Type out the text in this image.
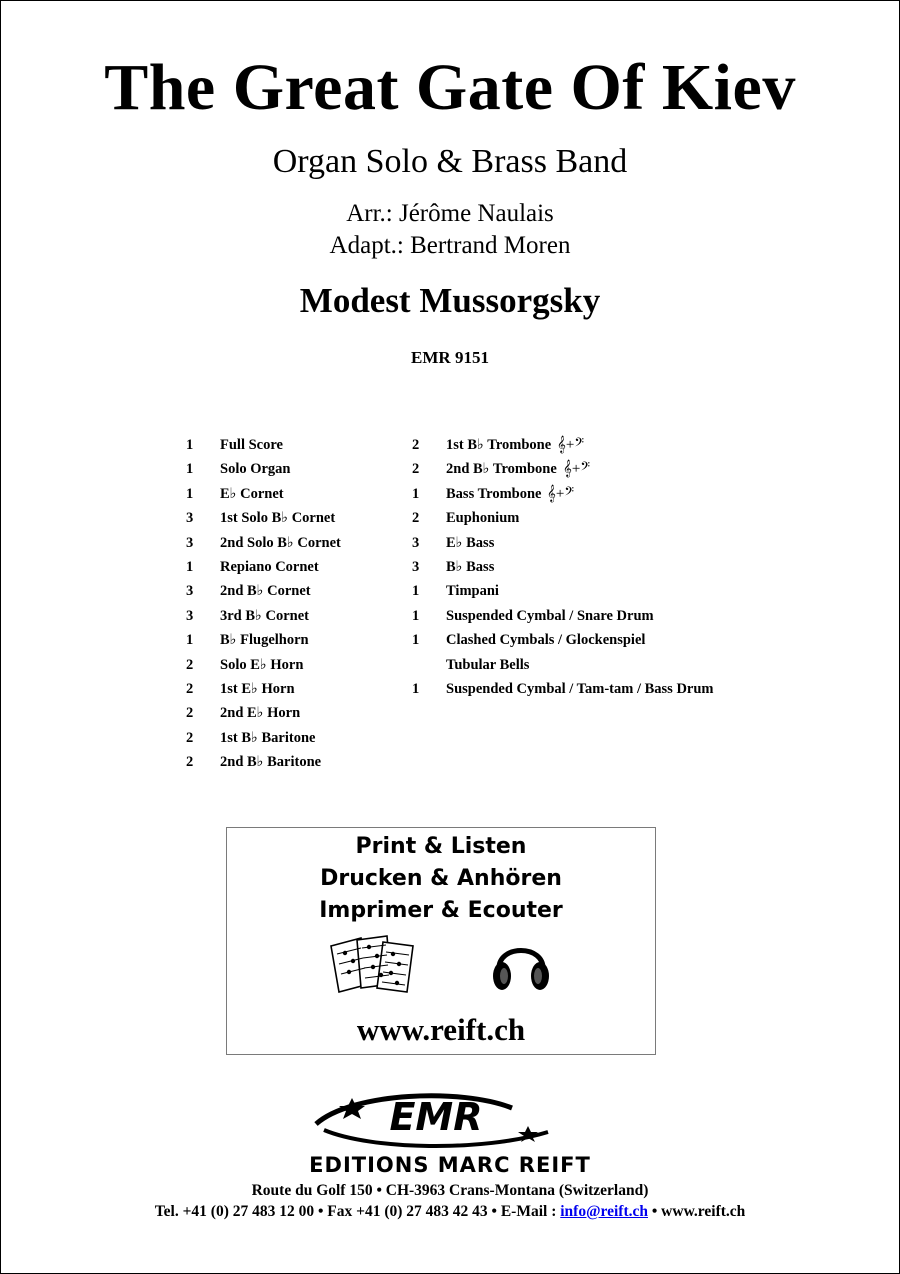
The Great Gate Of Kiev
Organ Solo & Brass Band
Arr.: Jérôme Naulais
Adapt.: Bertrand Moren
Modest Mussorgsky
EMR 9151
1	Full Score
1	Solo Organ
1	E♭ Cornet
3	1st Solo B♭ Cornet
3	2nd Solo B♭ Cornet
1	Repiano Cornet
3	2nd B♭ Cornet
3	3rd B♭ Cornet
1	B♭ Flugelhorn
2	Solo E♭ Horn
2	1st E♭ Horn
2	2nd E♭ Horn
2	1st B♭ Baritone
2	2nd B♭ Baritone
2	1st B♭ Trombone 𝄞+𝄢
2	2nd B♭ Trombone 𝄞+𝄢
1	Bass Trombone 𝄞+𝄢
2	Euphonium
3	E♭ Bass
3	B♭ Bass
1	Timpani
1	Suspended Cymbal / Snare Drum
1	Clashed Cymbals / Glockenspiel
Tubular Bells
1	Suspended Cymbal / Tam-tam / Bass Drum
Print & Listen
Drucken & Anhören
Imprimer & Ecouter
www.reift.ch
EMR
EDITIONS MARC REIFT
Route du Golf 150 • CH-3963 Crans-Montana (Switzerland)
Tel. +41 (0) 27 483 12 00 • Fax +41 (0) 27 483 42 43 • E-Mail : info@reift.ch • www.reift.ch
